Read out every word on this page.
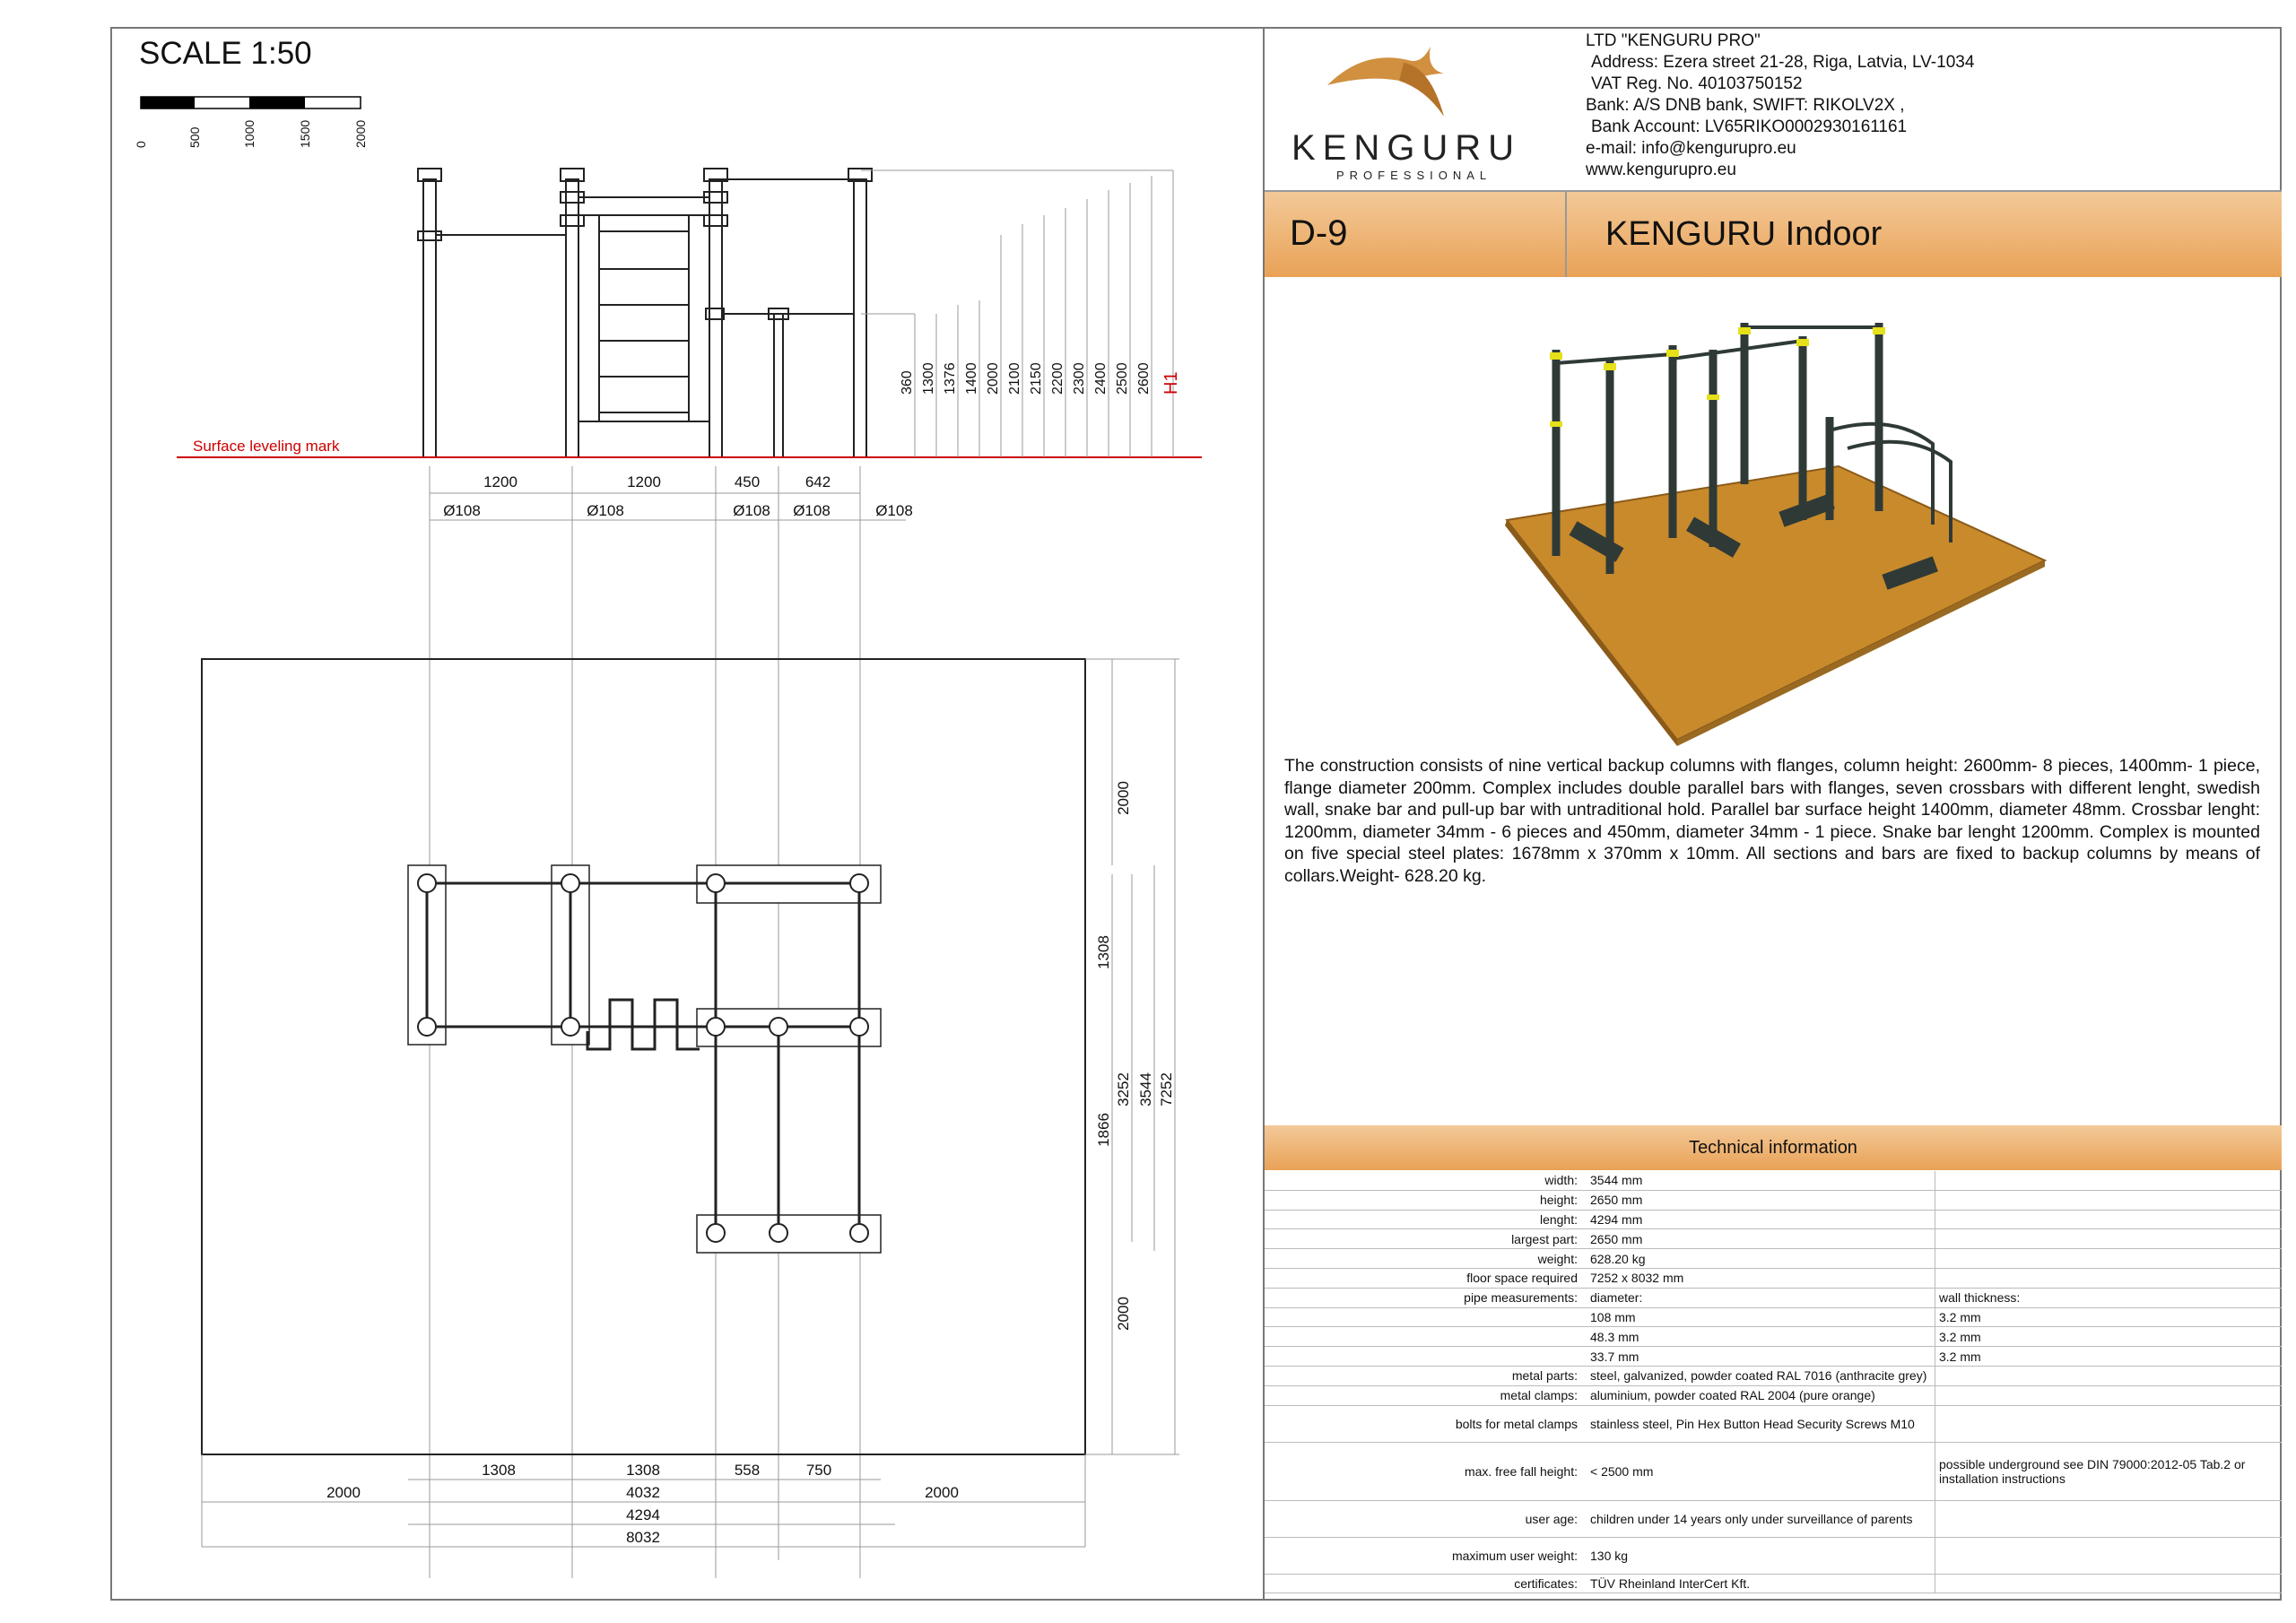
SCALE 1:50
0	500	1000	1500	2000
360 1300 1376 1400 2000 2100 2150 2200 2300 2400 2500 2600 H1
1200	1200	450	642
Ø108	Ø108	Ø108 Ø108	Ø108
2000
1308
1866
3252 3544 7252
2000
1308	1308	558	750
2000	4032	2000
4294
8032
Surface leveling mark
KENGURU
PROFESSIONAL
LTD "KENGURU PRO"
Address: Ezera street 21-28, Riga, Latvia, LV-1034
VAT Reg. No. 40103750152
Bank: A/S DNB bank, SWIFT: RIKOLV2X ,
Bank Account: LV65RIKO0002930161161
e-mail: info@kengurupro.eu
www.kengurupro.eu
D-9	KENGURU Indoor
The construction consists of nine vertical backup columns with flanges, column height: 2600mm- 8 pieces, 1400mm- 1 piece, flange diameter 200mm. Complex includes double parallel bars with flanges, seven crossbars with different lenght, swedish wall, snake bar and pull-up bar with untraditional hold. Parallel bar surface height 1400mm, diameter 48mm. Crossbar lenght: 1200mm, diameter 34mm - 6 pieces and 450mm, diameter 34mm - 1 piece. Snake bar lenght 1200mm. Complex is mounted on five special steel plates: 1678mm x 370mm x 10mm. All sections and bars are fixed to backup columns by means of collars.Weight- 628.20 kg.
Technical information
width:	3544 mm	
height:	2650 mm	
lenght:	4294 mm	
largest part:	2650 mm	
weight:	628.20 kg	
floor space required	7252 x 8032 mm	
pipe measurements:	diameter:	wall thickness:
	108 mm	3.2 mm
	48.3 mm	3.2 mm
	33.7 mm	3.2 mm
metal parts:	steel, galvanized, powder coated RAL 7016 (anthracite grey)	
metal clamps:	aluminium, powder coated RAL 2004 (pure orange)	
bolts for metal clamps	stainless steel, Pin Hex Button Head Security Screws M10	
max. free fall height:	< 2500 mm	possible underground see DIN 79000:2012-05 Tab.2 or installation instructions
user age:	children under 14 years only under surveillance of parents	
maximum user weight:	130 kg	
certificates:	TÜV Rheinland InterCert Kft.	
